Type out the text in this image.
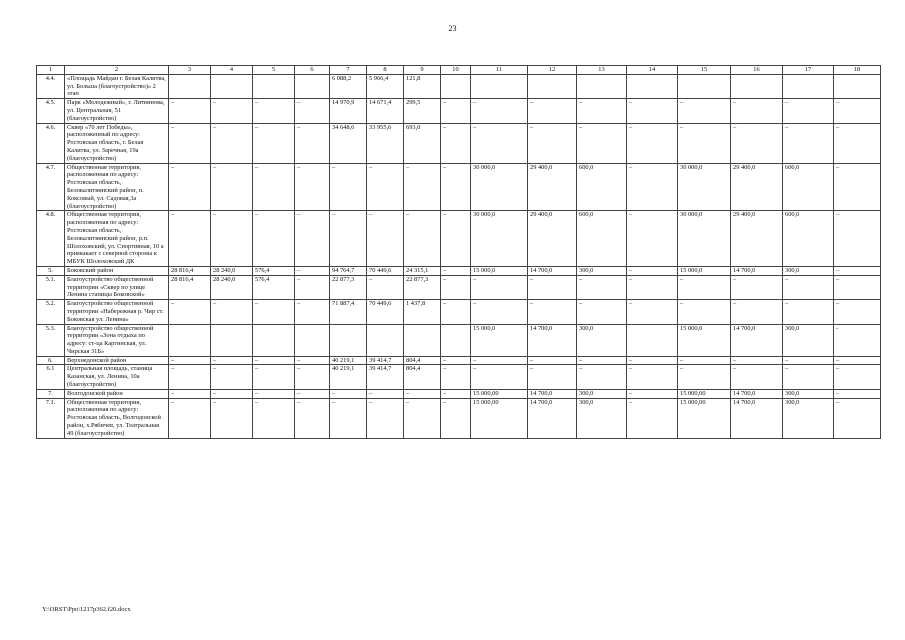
23
1	2	3	4	5	6	7	8	9	10	11	12	13	14	15	16	17	18
4.4.	«Площадь Майдан г. Белая Калитва, ул. Больша (благоустройство)» 2 этап					6 088,2	5 966,4	121,8									
4.5.	Парк «Молодежный», г. Литвинова, ул. Центральная, 51 (благоустройство)	–	–	–	–	14 970,9	14 671,4	299,5	–	–	–	–	–	–	–	–	–
4.6.	Сквер «70 лет Победы», расположенный по адресу: Ростовская область, г. Белая Калитва, ул. Заречная, 19а (благоустройство)	–	–	–	–	34 648,6	33 955,6	693,0	–	–	–	–	–	–	–	–	–
4.7.	Общественная территория, расположенная по адресу: Ростовская область, Белокалитвинский район, п. Коксовый, ул. Садовая,3а (благоустройство)	–	–	–	–	–	–	–	–	30 000,0	29 400,0	600,0	–	30 000,0	29 400,0	600,0	–
4.8.	Общественная территория, расположенная по адресу: Ростовская область, Белокалитвинский район, р.п. Шолоховский, ул. Спортивная, 10 а примыкает с северной стороны к МБУК Шолоховский ДК	–	–	–	–	–	–	–	–	30 000,0	29 400,0	600,0	–	30 000,0	29 400,0	600,0	–
5.	Боковский район	28 816,4	28 240,0	576,4	–	94 764,7	70 449,6	24 315,1	–	15 000,0	14 700,0	300,0	–	15 000,0	14 700,0	300,0	–
5.1.	Благоустройство общественной территории «Сквер по улице Ленина станицы Боковской»	28 816,4	28 240,0	576,4	–	22 877,3	–	22 877,3	–	–	–	–	–	–	–	–	–
5.2.	Благоустройство общественной территории «Набережная р. Чир ст. Боковская ул. Ленина»	–	–	–	–	71 887,4	70 449,6	1 437,8	–	–	–	–	–	–	–	–	–
5.3.	Благоустройство общественной территории «Зона отдыха по адресу: ст-ца Каргинская, ул. Чирская 31Б»									15 000,0	14 700,0	300,0		15 000,0	14 700,0	300,0	-
6.	Верхнедонской район	–	–	–	–	40 219,1	39 414,7	804,4	–	–	–	–	–	–	–	–	–
6.1	Центральная площадь, станица Казанская, ул. Ленина, 10а (благоустройство)	–	–	–	–	40 219,1	39 414,7	804,4	–	–	–	–	–	–	–	–	–
7.	Волгодонской район	–	–	–	–	–	–	–	–	15 000,00	14 700,0	300,0	–	15 000,00	14 700,0	300,0	–
7.1.	Общественная территория, расположенная по адресу: Ростовская область, Волгодонской район, х.Рябичев, ул. Театральная 49 (благоустройство)	–	–	–	–	–	–	–	–	15 000,00	14 700,0	300,0	–	15 000,00	14 700,0	300,0	–
Y:\ORST\Ppo\1217p362.f20.docx
